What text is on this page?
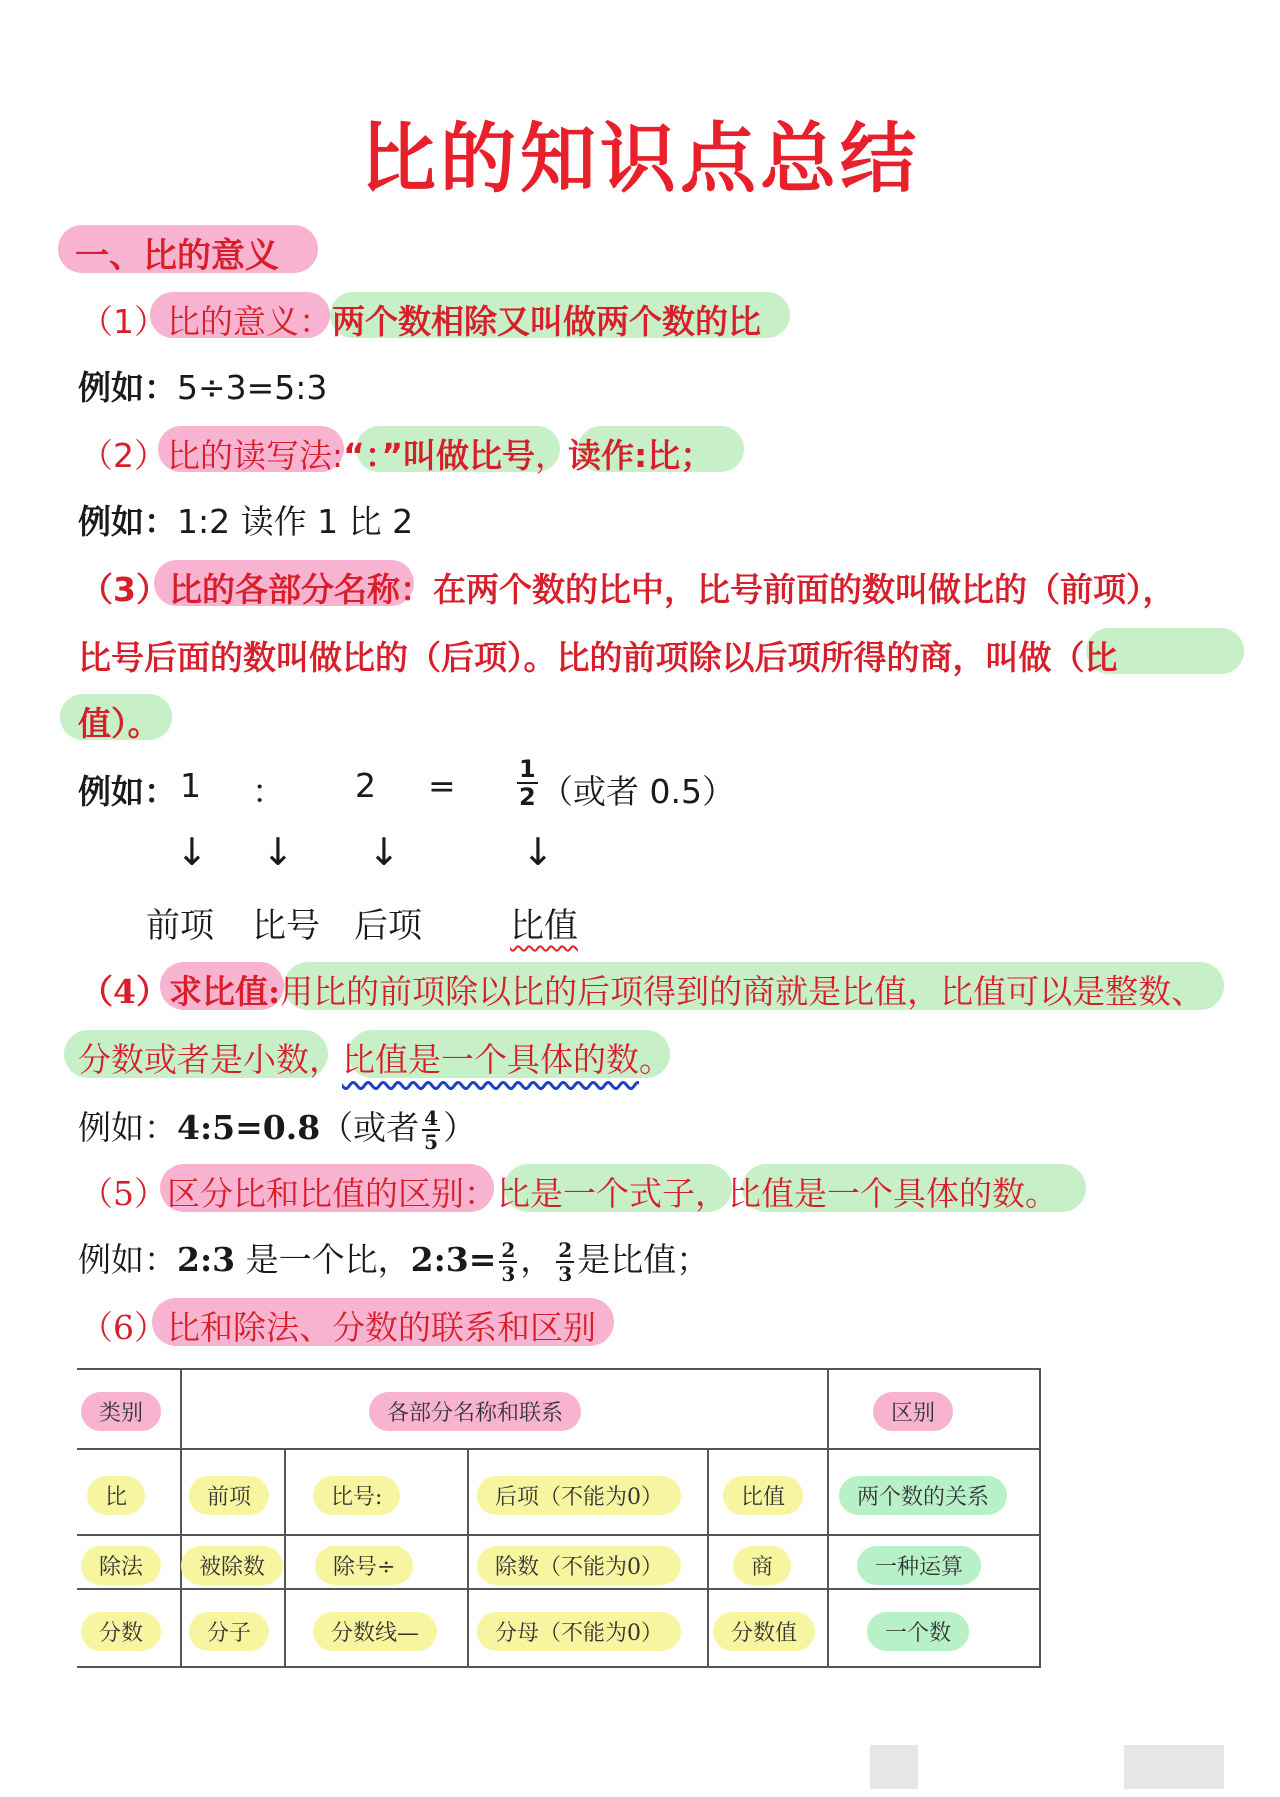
比的知识点总结
一、比的意义
（1）比的意义：两个数相除又叫做两个数的比
例如：5÷3=5:3
（2）比的读写法:“：”叫做比号，读作:比；
例如：1:2 读作 1 比 2
（3）比的各部分名称：在两个数的比中，比号前面的数叫做比的（前项），
比号后面的数叫做比的（后项）。比的前项除以后项所得的商，叫做（比
值）。
例如： 1 ： 2 =	$\frac{1}{2}$ （或者 0.5）
↓ ↓ ↓	↓
前项 比号 后项	比值
（4）求比值:用比的前项除以比的后项得到的商就是比值，比值可以是整数、
分数或者是小数，比值是一个具体的数。
例如：4:5=0.8（或者 $\frac{4}{5}$ ）
（5）区分比和比值的区别：比是一个式子，比值是一个具体的数。
例如：2:3 是一个比，2:3= $\frac{2}{3}$ ， $\frac{2}{3}$ 是比值；
（6）比和除法、分数的联系和区别
类别	各部分名称和联系	区别
比	前项	比号:	后项（不能为0）	比值	两个数的关系
除法	被除数	除号÷	除数（不能为0）	商	一种运算
分数	分子	分数线—	分母（不能为0）	分数值	一个数
